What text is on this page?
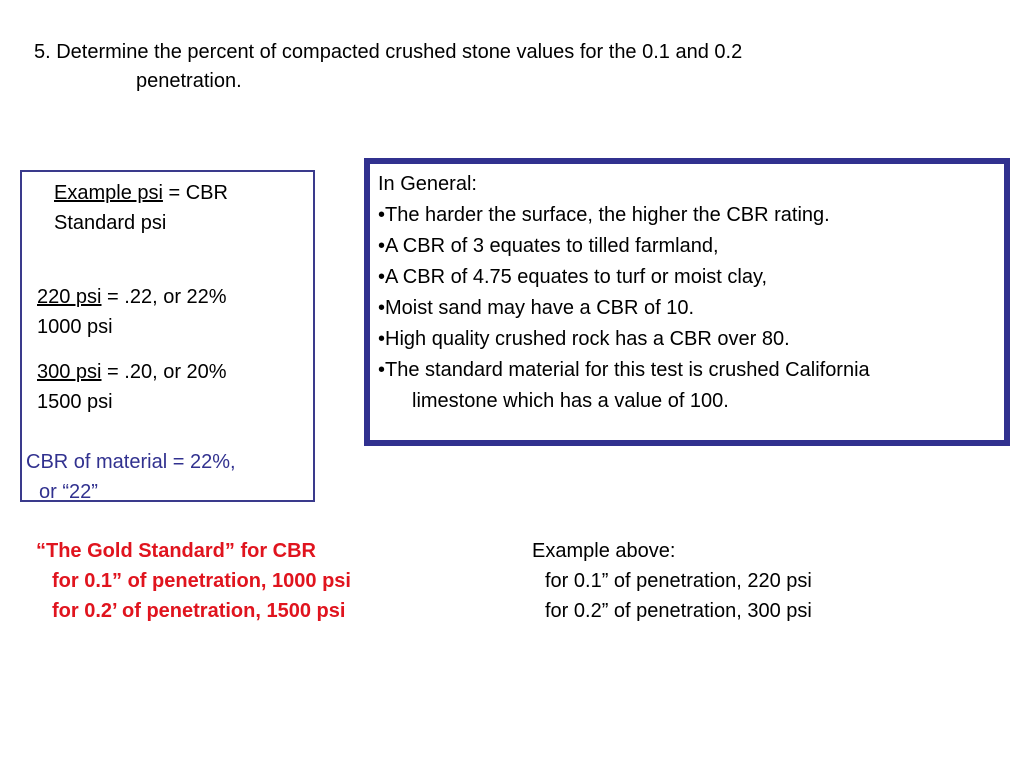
5. Determine the percent of compacted crushed stone values for the 0.1 and 0.2
penetration.
Example psi = CBR
Standard psi
220 psi = .22, or 22%
1000 psi
300 psi = .20, or 20%
1500 psi
CBR of material = 22%,
or “22”
In General:
•The harder the surface, the higher the CBR rating.
•A CBR of 3 equates to tilled farmland,
•A CBR of 4.75 equates to turf or moist clay,
•Moist sand may have a CBR of 10.
•High quality crushed rock has a CBR over 80.
•The standard material for this test is crushed California
limestone which has a value of 100.
“The Gold Standard” for CBR
for 0.1” of penetration, 1000 psi
for 0.2’ of penetration, 1500 psi
Example above:
for 0.1” of penetration, 220 psi
for 0.2” of penetration, 300 psi
